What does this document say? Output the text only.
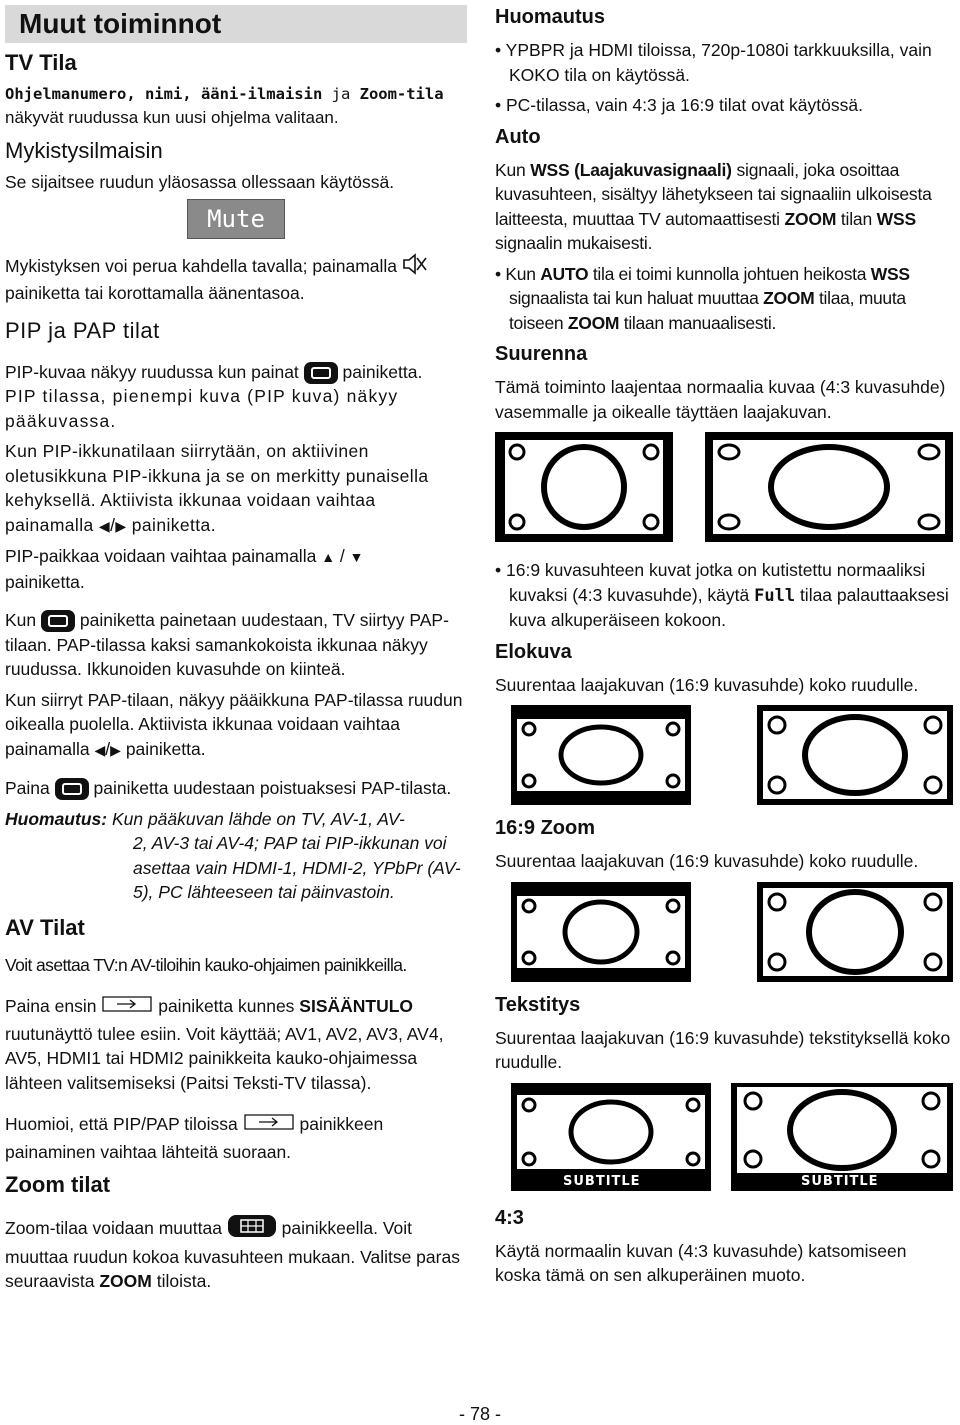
Muut toiminnot
TV Tila

Ohjelmanumero, nimi, ääni-ilmaisin ja Zoom-tila näkyvät ruudussa kun uusi ohjelma valitaan.

Mykistysilmaisin

Se sijaitsee ruudun yläosassa ollessaan käytössä.

Mute

Mykistyksen voi perua kahdella tavalla; painamalla
painiketta tai korottamalla äänentasoa.

PIP ja PAP tilat

PIP-kuvaa näkyy ruudussa kun painat	painiketta.
PIP tilassa, pienempi kuva (PIP kuva) näkyy pääkuvassa.

Kun PIP-ikkunatilaan siirrytään, on aktiivinen oletusikkuna PIP-ikkuna ja se on merkitty punaisella kehyksellä. Aktiivista ikkunaa voidaan vaihtaa painamalla ◀/▶ painiketta.

PIP-paikkaa voidaan vaihtaa painamalla ▲ / ▼
painiketta.

Kun	painiketta painetaan uudestaan, TV siirtyy PAP-tilaan. PAP-tilassa kaksi samankokoista ikkunaa näkyy ruudussa. Ikkunoiden kuvasuhde on kiinteä.

Kun siirryt PAP-tilaan, näkyy pääikkuna PAP-tilassa ruudun oikealla puolella. Aktiivista ikkunaa voidaan vaihtaa painamalla ◀/▶ painiketta.

Paina	painiketta uudestaan poistuaksesi PAP-tilasta.

Huomautus: Kun pääkuvan lähde on TV, AV-1, AV-

2, AV-3 tai AV-4; PAP tai PIP-ikkunan voi asettaa vain HDMI-1, HDMI-2, YPbPr (AV-5), PC lähteeseen tai päinvastoin.

AV Tilat

Voit asettaa TV:n AV-tiloihin kauko-ohjaimen painikkeilla.

Paina ensin	painiketta kunnes SISÄÄNTULO ruutunäyttö tulee esiin. Voit käyttää; AV1, AV2, AV3, AV4, AV5, HDMI1 tai HDMI2 painikkeita kauko-ohjaimessa lähteen valitsemiseksi (Paitsi Teksti-TV tilassa).

Huomioi, että PIP/PAP tiloissa	painikkeen painaminen vaihtaa lähteitä suoraan.

Zoom tilat

Zoom-tilaa voidaan muuttaa	painikkeella. Voit muuttaa ruudun kokoa kuvasuhteen mukaan. Valitse paras seuraavista ZOOM tiloista.

Huomautus

• YPBPR ja HDMI tiloissa, 720p-1080i tarkkuuksilla, vain KOKO tila on käytössä.

• PC-tilassa, vain 4:3 ja 16:9 tilat ovat käytössä.

Auto

Kun WSS (Laajakuvasignaali) signaali, joka osoittaa kuvasuhteen, sisältyy lähetykseen tai signaaliin ulkoisesta laitteesta, muuttaa TV automaattisesti ZOOM tilan WSS signaalin mukaisesti.

• Kun AUTO tila ei toimi kunnolla johtuen heikosta WSS signaalista tai kun haluat muuttaa ZOOM tilaa, muuta toiseen ZOOM tilaan manuaalisesti.

Suurenna

Tämä toiminto laajentaa normaalia kuvaa (4:3 kuvasuhde) vasemmalle ja oikealle täyttäen laajakuvan.

• 16:9 kuvasuhteen kuvat jotka on kutistettu normaaliksi kuvaksi (4:3 kuvasuhde), käytä Full tilaa palauttaaksesi kuva alkuperäiseen kokoon.

Elokuva

Suurentaa laajakuvan (16:9 kuvasuhde) koko ruudulle.

16:9 Zoom

Suurentaa laajakuvan (16:9 kuvasuhde) koko ruudulle.

Tekstitys

Suurentaa laajakuvan (16:9 kuvasuhde) tekstityksellä koko ruudulle.

SUBTITLE	SUBTITLE
4:3

Käytä normaalin kuvan (4:3 kuvasuhde) katsomiseen koska tämä on sen alkuperäinen muoto.

- 78 -
